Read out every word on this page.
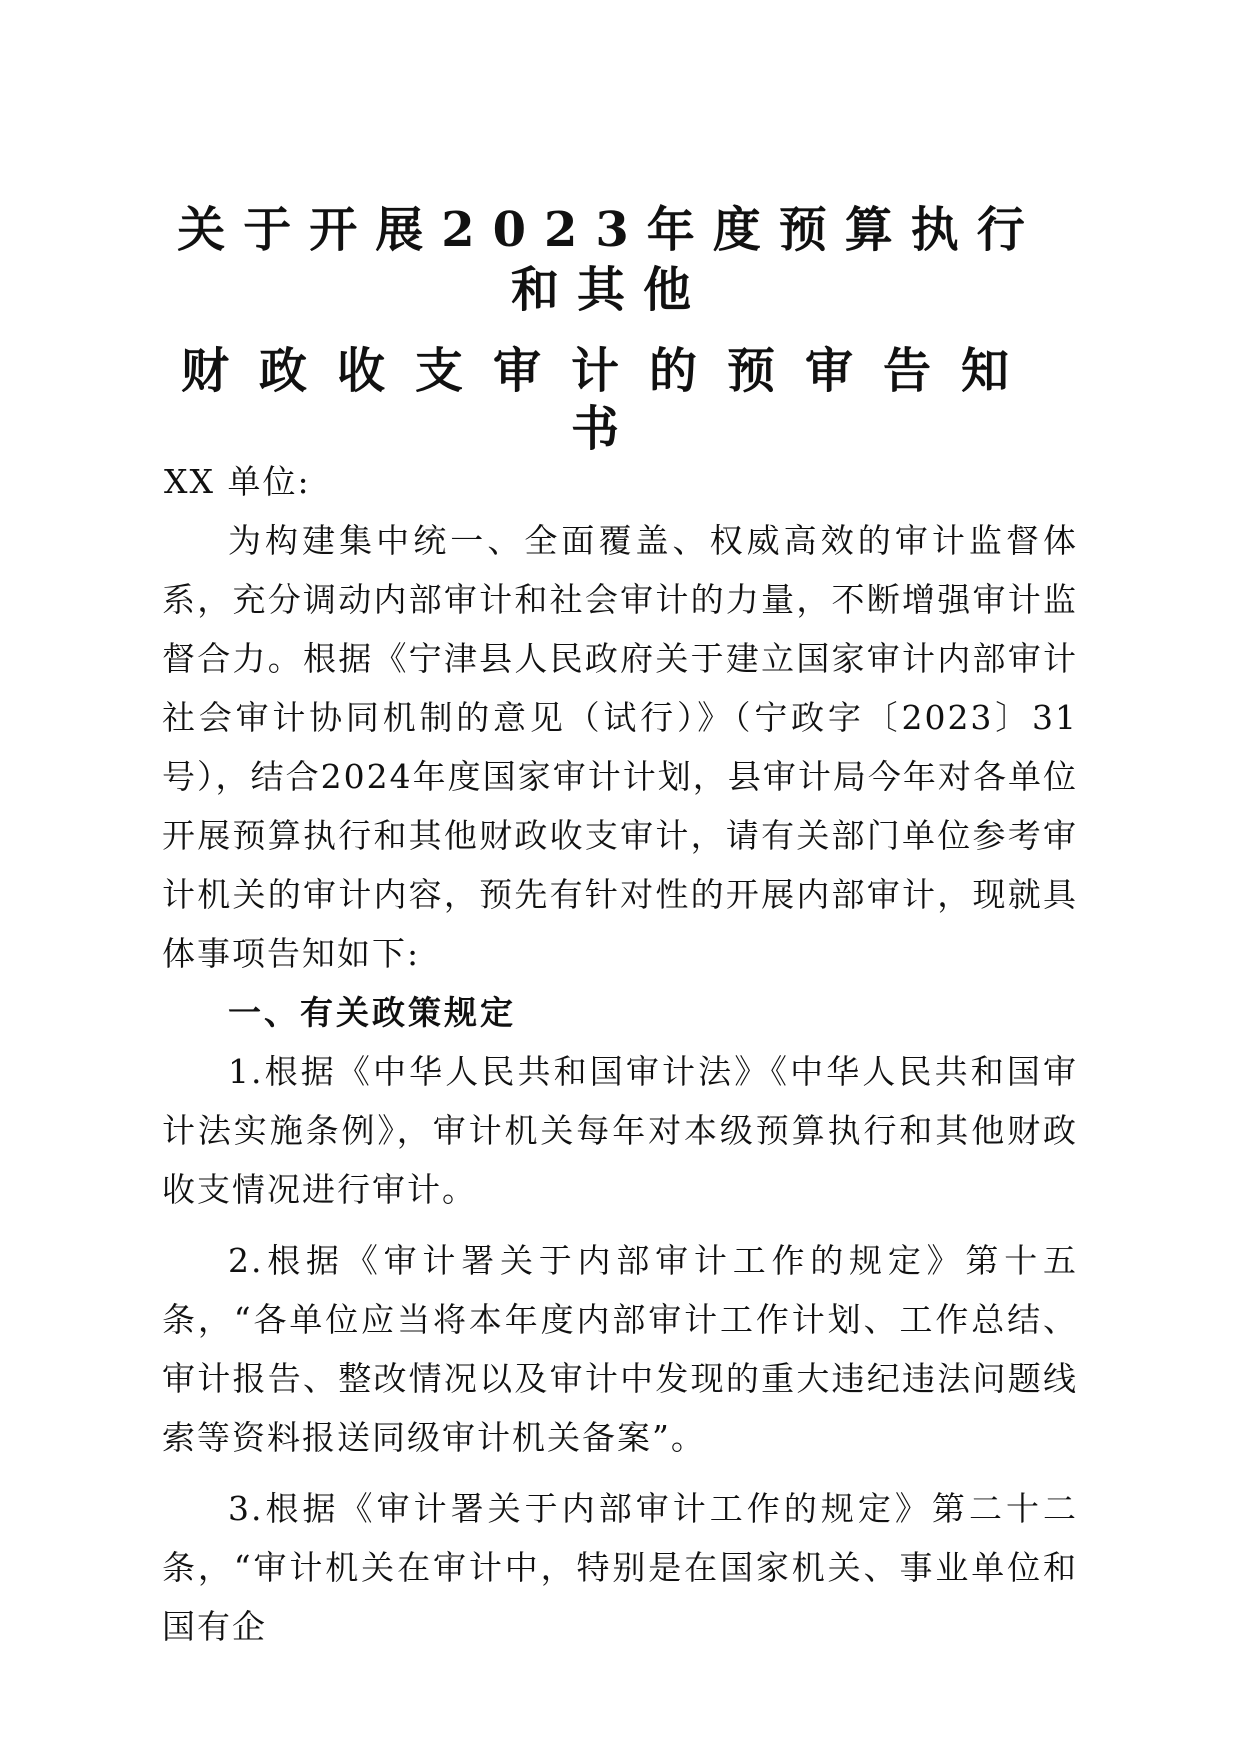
关于开展2023年度预算执行和其他

财政收支审计的预审告知书

XX 单位:

为构建集中统一、全面覆盖、权威高效的审计监督体系，充分调动内部审计和社会审计的力量，不断增强审计监督合力。根据《宁津县人民政府关于建立国家审计内部审计社会审计协同机制的意见（试行）》（宁政字〔2023〕31号），结合2024年度国家审计计划，县审计局今年对各单位开展预算执行和其他财政收支审计，请有关部门单位参考审计机关的审计内容，预先有针对性的开展内部审计，现就具体事项告知如下:

一、有关政策规定

1.根据《中华人民共和国审计法》《中华人民共和国审计法实施条例》，审计机关每年对本级预算执行和其他财政收支情况进行审计。

2.根据《审计署关于内部审计工作的规定》第十五条，“各单位应当将本年度内部审计工作计划、工作总结、审计报告、整改情况以及审计中发现的重大违纪违法问题线索等资料报送同级审计机关备案”。

3.根据《审计署关于内部审计工作的规定》第二十二条，“审计机关在审计中，特别是在国家机关、事业单位和国有企
